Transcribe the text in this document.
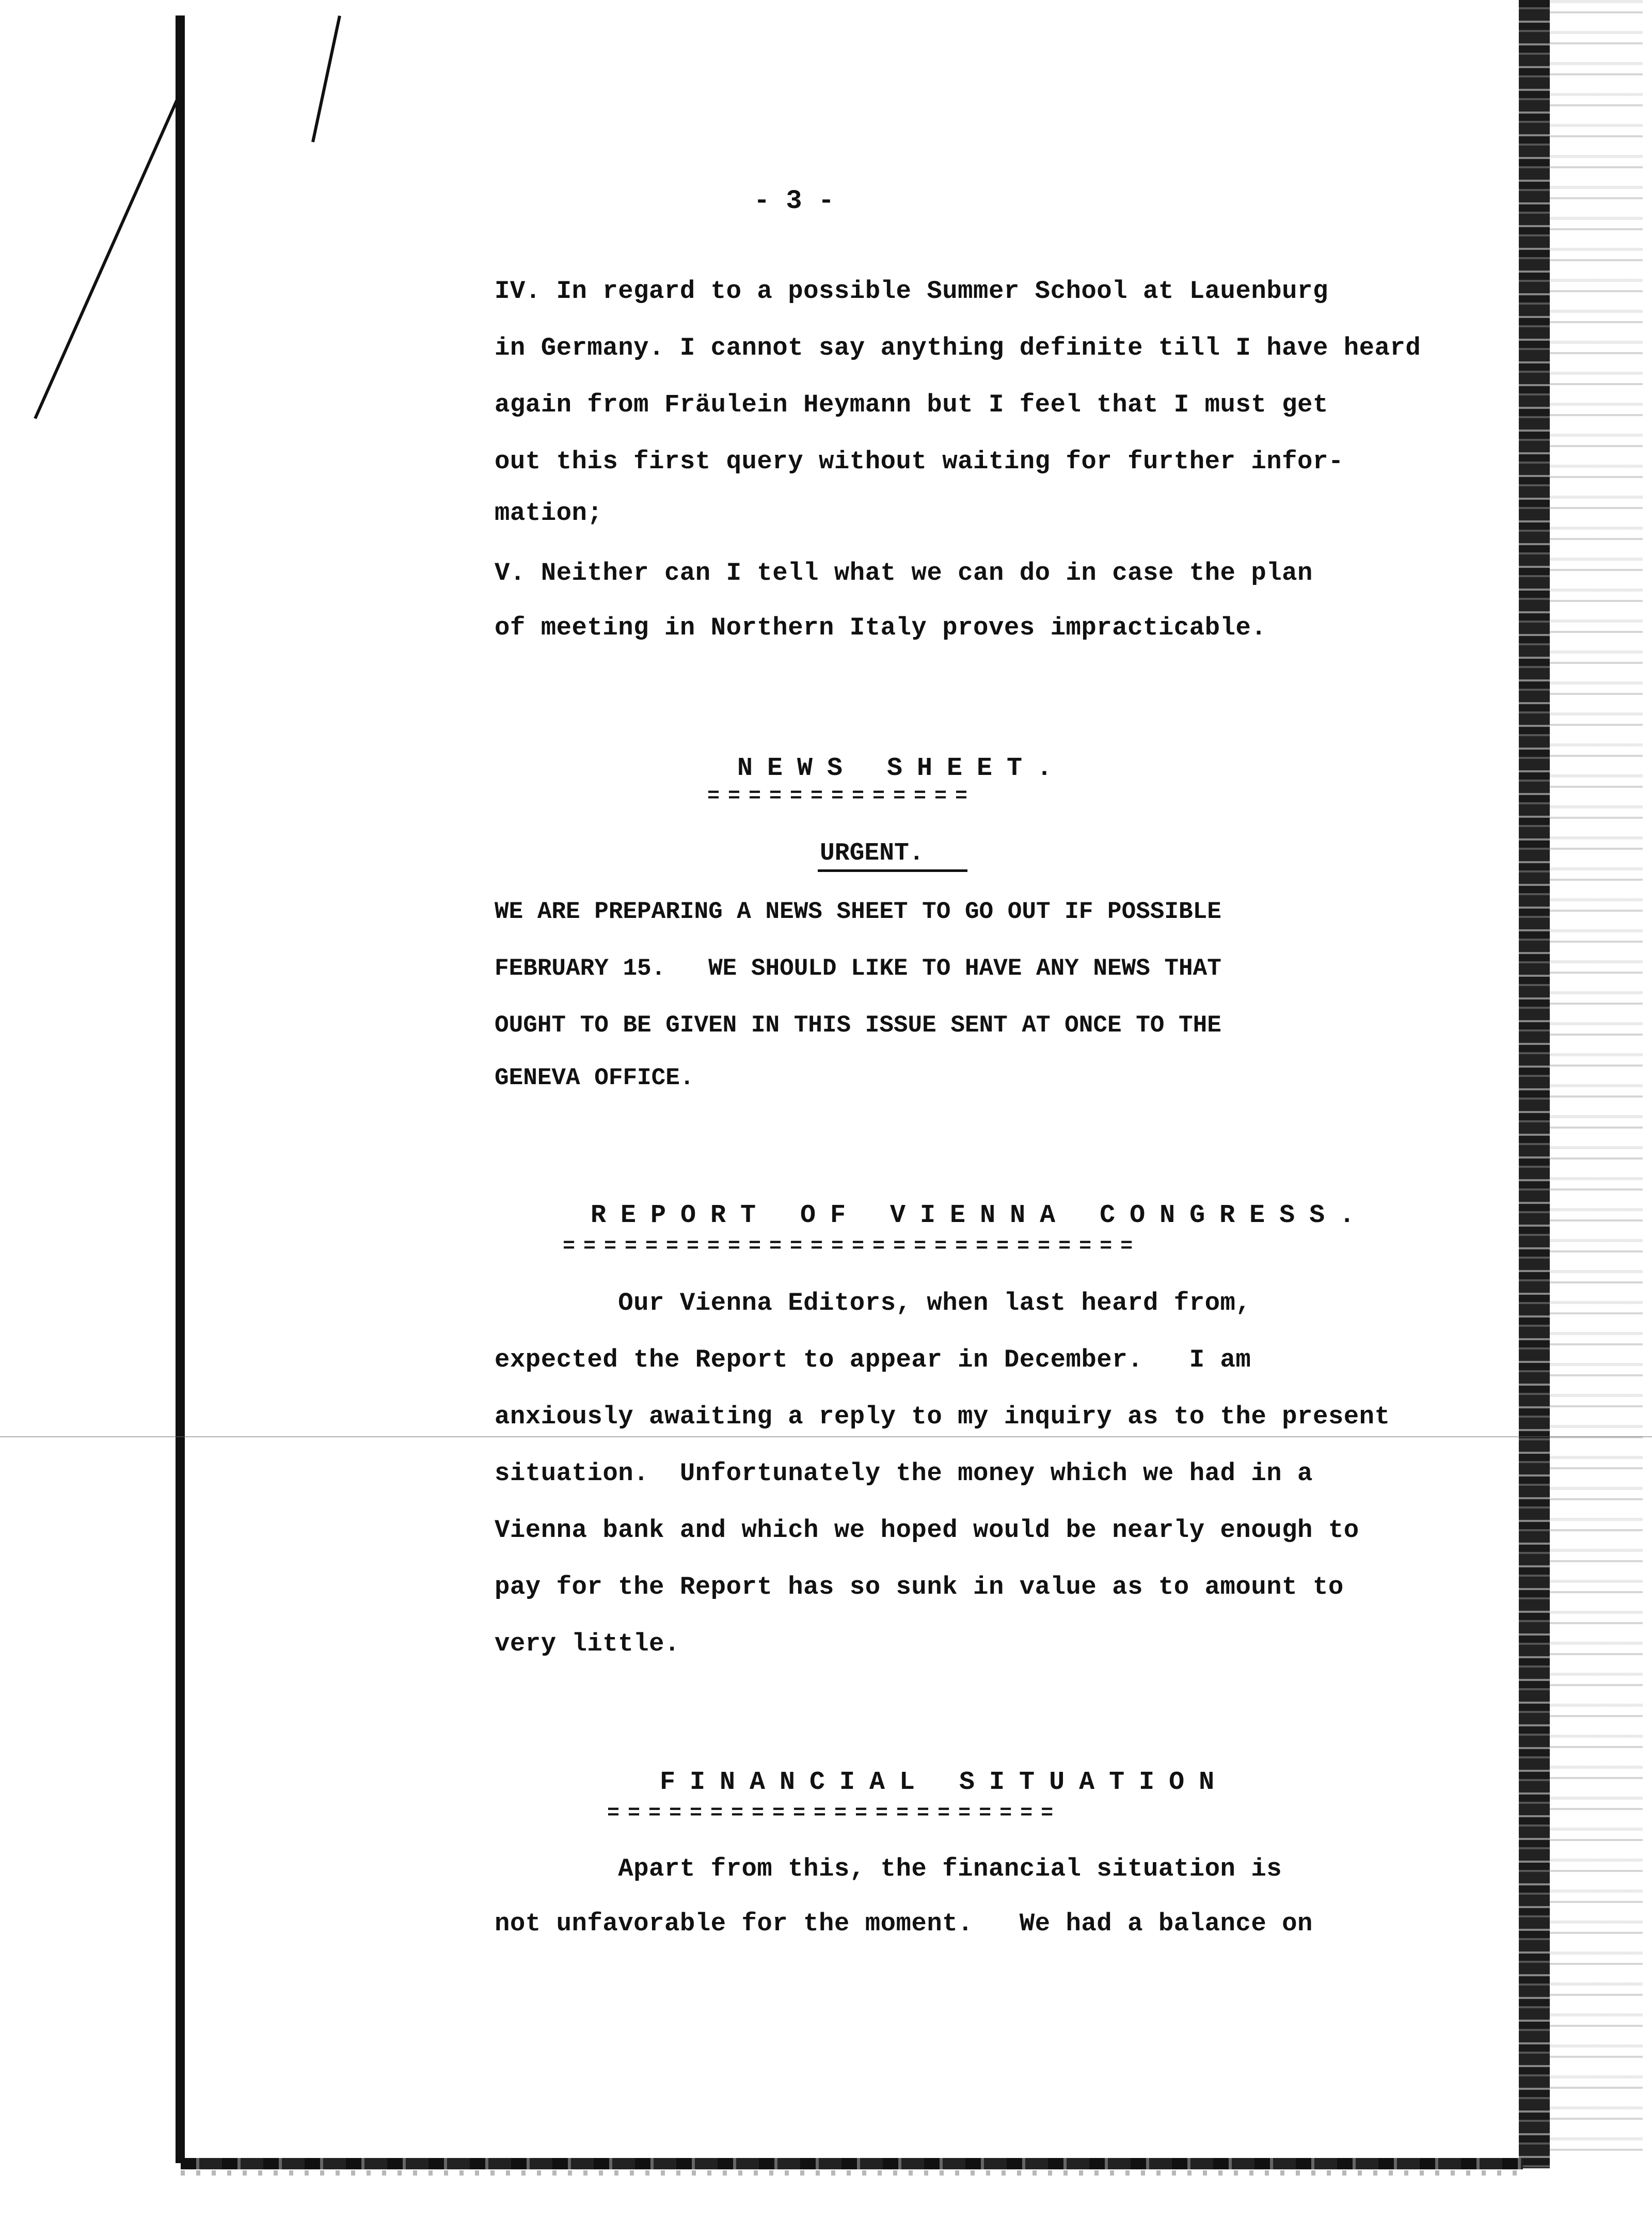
- 3 -
IV. In regard to a possible Summer School at Lauenburg
in Germany. I cannot say anything definite till I have heard
again from Fräulein Heymann but I feel that I must get
out this first query without waiting for further infor-
mation;
V. Neither can I tell what we can do in case the plan
of meeting in Northern Italy proves impracticable.
NEWS SHEET.
=============
URGENT.
WE ARE PREPARING A NEWS SHEET TO GO OUT IF POSSIBLE
FEBRUARY 15.   WE SHOULD LIKE TO HAVE ANY NEWS THAT
OUGHT TO BE GIVEN IN THIS ISSUE SENT AT ONCE TO THE
GENEVA OFFICE.
REPORT OF VIENNA CONGRESS.
============================
Our Vienna Editors, when last heard from,
expected the Report to appear in December.   I am
anxiously awaiting a reply to my inquiry as to the present
situation.  Unfortunately the money which we had in a
Vienna bank and which we hoped would be nearly enough to
pay for the Report has so sunk in value as to amount to
very little.
FINANCIAL SITUATION
======================
Apart from this, the financial situation is
not unfavorable for the moment.   We had a balance on
